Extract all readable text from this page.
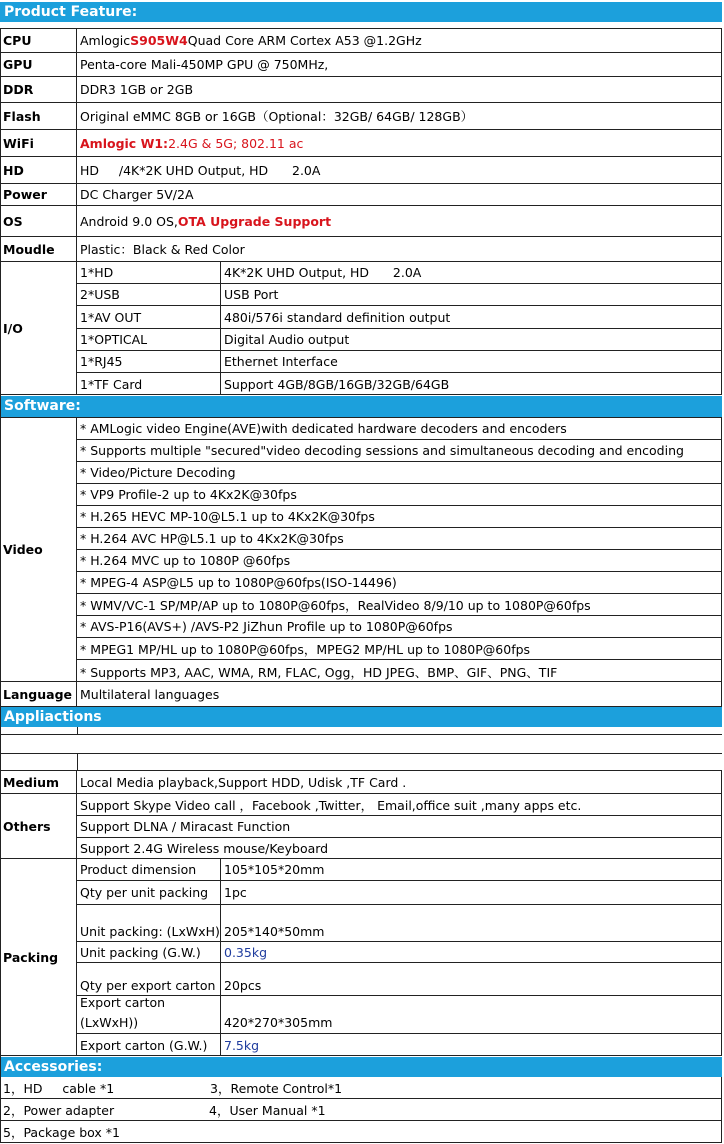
Product Feature:
CPU	Amlogic S905W4 Quad Core ARM Cortex A53 @1.2GHz
GPU	Penta-core Mali-450MP GPU @ 750MHz,
DDR	DDR3 1GB or 2GB
Flash	Original eMMC 8GB or 16GB（Optional：32GB/ 64GB/ 128GB）
WiFi	Amlogic W1: 2.4G & 5G; 802.11 ac
HD	HD     /4K*2K UHD Output, HD      2.0A
Power	DC Charger 5V/2A
OS	Android 9.0 OS, OTA Upgrade Support
Moudle	Plastic：Black & Red Color
I/O
1*HD	4K*2K UHD Output, HD      2.0A
2*USB	USB Port
1*AV OUT	480i/576i standard definition output
1*OPTICAL	Digital Audio output
1*RJ45	Ethernet Interface
1*TF Card	Support 4GB/8GB/16GB/32GB/64GB
Software:
Video
* AMLogic video Engine(AVE)with dedicated hardware decoders and encoders
* Supports multiple "secured"video decoding sessions and simultaneous decoding and encoding
* Video/Picture Decoding
* VP9 Profile-2 up to 4Kx2K@30fps
* H.265 HEVC MP-10@L5.1 up to 4Kx2K@30fps
* H.264 AVC HP@L5.1 up to 4Kx2K@30fps
* H.264 MVC up to 1080P @60fps
* MPEG-4 ASP@L5 up to 1080P@60fps(ISO-14496)
* WMV/VC-1 SP/MP/AP up to 1080P@60fps，RealVideo 8/9/10 up to 1080P@60fps
* AVS-P16(AVS+) /AVS-P2 JiZhun Profile up to 1080P@60fps
* MPEG1 MP/HL up to 1080P@60fps，MPEG2 MP/HL up to 1080P@60fps
* Supports MP3, AAC, WMA, RM, FLAC, Ogg，HD JPEG、BMP、GIF、PNG、TIF
Language Multilateral languages
Appliactions
Medium	Local Media playback,Support HDD, Udisk ,TF Card .
Others
Support Skype Video call ，Facebook ,Twitter， Email,office suit ,many apps etc.
Support DLNA / Miracast Function
Support 2.4G Wireless mouse/Keyboard
Packing
Product dimension	105*105*20mm
Qty per unit packing	1pc
Unit packing: (LxWxH) 205*140*50mm
Unit packing (G.W.)	0.35kg
Qty per export carton 20pcs
Export carton
(LxWxH))	420*270*305mm
Export carton (G.W.)	7.5kg
Accessories:
1，HD     cable *1	3，Remote Control*1
2，Power adapter	4，User Manual *1
5，Package box *1
